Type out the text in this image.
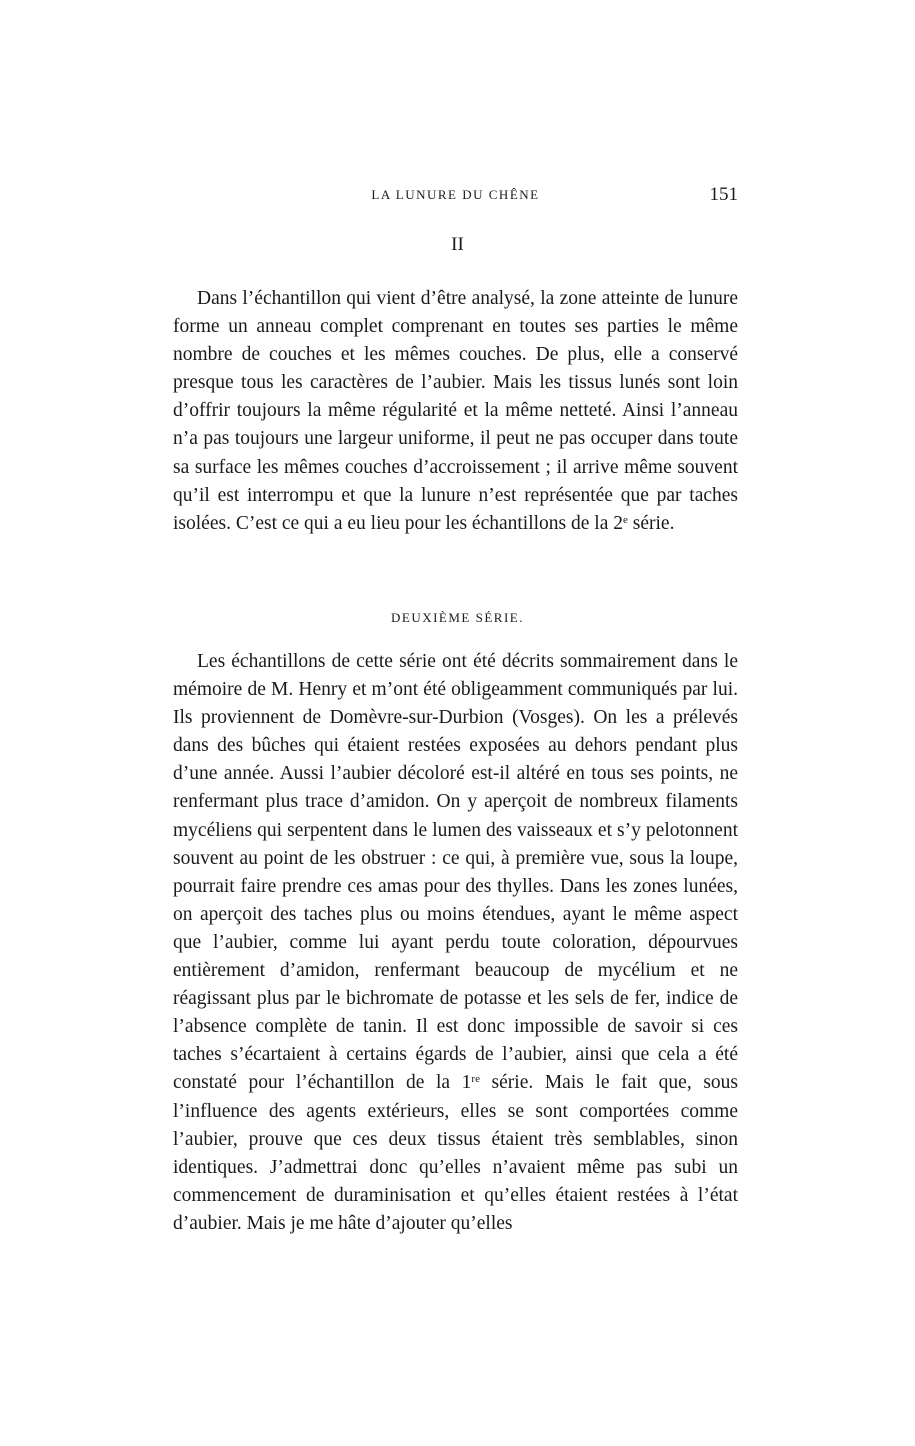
LA LUNURE DU CHÊNE	151
II

Dans l’échantillon qui vient d’être analysé, la zone atteinte de lunure forme un anneau complet comprenant en toutes ses parties le même nombre de couches et les mêmes couches. De plus, elle a conservé presque tous les caractères de l’aubier. Mais les tissus lunés sont loin d’offrir toujours la même régularité et la même netteté. Ainsi l’anneau n’a pas toujours une largeur uniforme, il peut ne pas occuper dans toute sa surface les mêmes couches d’accroissement ; il arrive même souvent qu’il est interrompu et que la lunure n’est représentée que par taches isolées. C’est ce qui a eu lieu pour les échantillons de la 2e série.

DEUXIÈME SÉRIE.

Les échantillons de cette série ont été décrits sommairement dans le mémoire de M. Henry et m’ont été obligeamment communiqués par lui. Ils proviennent de Domèvre-sur-Durbion (Vosges). On les a prélevés dans des bûches qui étaient restées exposées au dehors pendant plus d’une année. Aussi l’aubier décoloré est-il altéré en tous ses points, ne renfermant plus trace d’amidon. On y aperçoit de nombreux filaments mycéliens qui serpentent dans le lumen des vaisseaux et s’y pelotonnent souvent au point de les obstruer : ce qui, à première vue, sous la loupe, pourrait faire prendre ces amas pour des thylles. Dans les zones lunées, on aperçoit des taches plus ou moins étendues, ayant le même aspect que l’aubier, comme lui ayant perdu toute coloration, dépourvues entièrement d’amidon, renfermant beaucoup de mycélium et ne réagissant plus par le bichromate de potasse et les sels de fer, indice de l’absence complète de tanin. Il est donc impossible de savoir si ces taches s’écartaient à certains égards de l’aubier, ainsi que cela a été constaté pour l’échantillon de la 1re série. Mais le fait que, sous l’influence des agents extérieurs, elles se sont comportées comme l’aubier, prouve que ces deux tissus étaient très semblables, sinon identiques. J’admettrai donc qu’elles n’avaient même pas subi un commencement de duraminisation et qu’elles étaient restées à l’état d’aubier. Mais je me hâte d’ajouter qu’elles
